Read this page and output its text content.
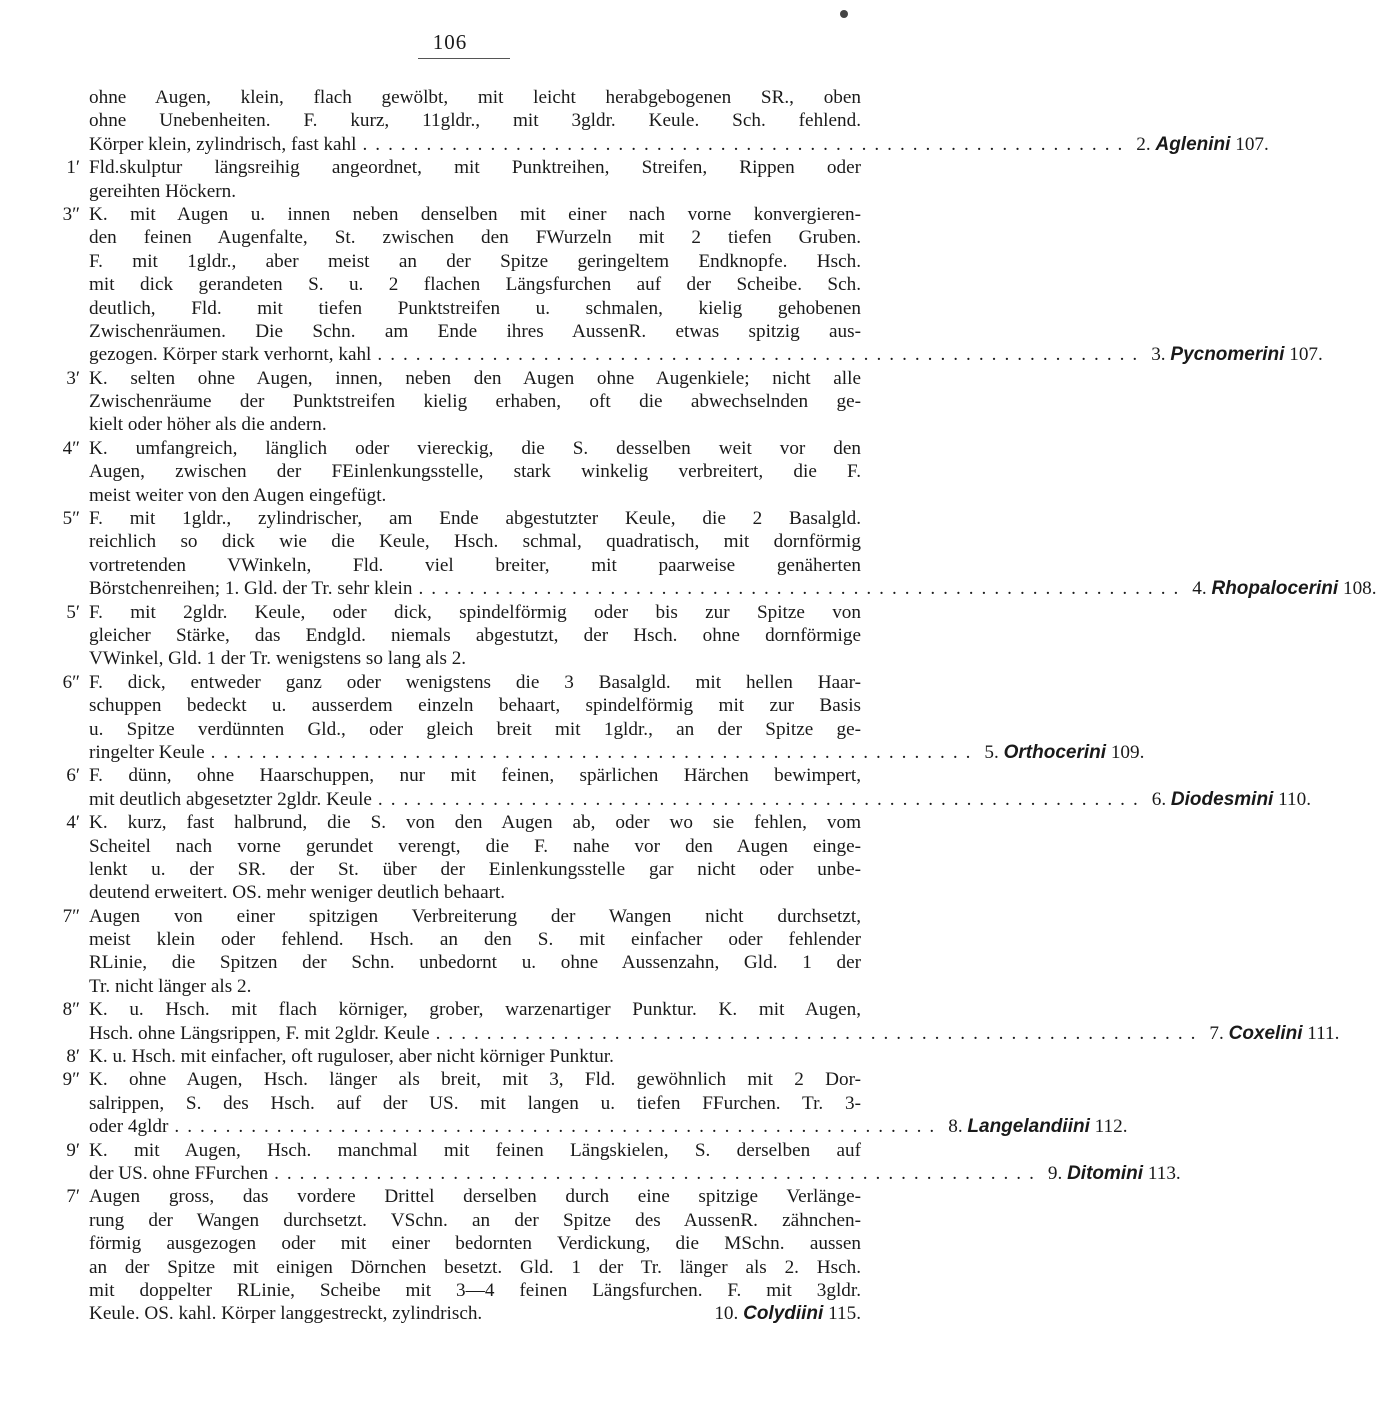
106
ohne Augen, klein, flach gewölbt, mit leicht herabgebogenen SR., oben
ohne Unebenheiten. F. kurz, 11gldr., mit 3gldr. Keule. Sch. fehlend.
Körper klein, zylindrisch, fast kahl ............................................................ 2. Aglenini 107.
1′ Fld.skulptur längsreihig angeordnet, mit Punktreihen, Streifen, Rippen oder
gereihten Höckern.
3″ K. mit Augen u. innen neben denselben mit einer nach vorne konvergieren-
den feinen Augenfalte, St. zwischen den FWurzeln mit 2 tiefen Gruben.
F. mit 1gldr., aber meist an der Spitze geringeltem Endknopfe. Hsch.
mit dick gerandeten S. u. 2 flachen Längsfurchen auf der Scheibe. Sch.
deutlich, Fld. mit tiefen Punktstreifen u. schmalen, kielig gehobenen
Zwischenräumen. Die Schn. am Ende ihres AussenR. etwas spitzig aus-
gezogen. Körper stark verhornt, kahl ............................................................ 3. Pycnomerini 107.
3′ K. selten ohne Augen, innen, neben den Augen ohne Augenkiele; nicht alle
Zwischenräume der Punktstreifen kielig erhaben, oft die abwechselnden ge-
kielt oder höher als die andern.
4″ K. umfangreich, länglich oder viereckig, die S. desselben weit vor den
Augen, zwischen der FEinlenkungsstelle, stark winkelig verbreitert, die F.
meist weiter von den Augen eingefügt.
5″ F. mit 1gldr., zylindrischer, am Ende abgestutzter Keule, die 2 Basalgld.
reichlich so dick wie die Keule, Hsch. schmal, quadratisch, mit dornförmig
vortretenden VWinkeln, Fld. viel breiter, mit paarweise genäherten
Börstchenreihen; 1. Gld. der Tr. sehr klein ............................................................ 4. Rhopalocerini 108.
5′ F. mit 2gldr. Keule, oder dick, spindelförmig oder bis zur Spitze von
gleicher Stärke, das Endgld. niemals abgestutzt, der Hsch. ohne dornförmige
VWinkel, Gld. 1 der Tr. wenigstens so lang als 2.
6″ F. dick, entweder ganz oder wenigstens die 3 Basalgld. mit hellen Haar-
schuppen bedeckt u. ausserdem einzeln behaart, spindelförmig mit zur Basis
u. Spitze verdünnten Gld., oder gleich breit mit 1gldr., an der Spitze ge-
ringelter Keule ............................................................ 5. Orthocerini 109.
6′ F. dünn, ohne Haarschuppen, nur mit feinen, spärlichen Härchen bewimpert,
mit deutlich abgesetzter 2gldr. Keule ............................................................ 6. Diodesmini 110.
4′ K. kurz, fast halbrund, die S. von den Augen ab, oder wo sie fehlen, vom
Scheitel nach vorne gerundet verengt, die F. nahe vor den Augen einge-
lenkt u. der SR. der St. über der Einlenkungsstelle gar nicht oder unbe-
deutend erweitert. OS. mehr weniger deutlich behaart.
7″ Augen von einer spitzigen Verbreiterung der Wangen nicht durchsetzt,
meist klein oder fehlend. Hsch. an den S. mit einfacher oder fehlender
RLinie, die Spitzen der Schn. unbedornt u. ohne Aussenzahn, Gld. 1 der
Tr. nicht länger als 2.
8″ K. u. Hsch. mit flach körniger, grober, warzenartiger Punktur. K. mit Augen,
Hsch. ohne Längsrippen, F. mit 2gldr. Keule ............................................................ 7. Coxelini 111.
8′ K. u. Hsch. mit einfacher, oft ruguloser, aber nicht körniger Punktur.
9″ K. ohne Augen, Hsch. länger als breit, mit 3, Fld. gewöhnlich mit 2 Dor-
salrippen, S. des Hsch. auf der US. mit langen u. tiefen FFurchen. Tr. 3-
oder 4gldr ............................................................ 8. Langelandiini 112.
9′ K. mit Augen, Hsch. manchmal mit feinen Längskielen, S. derselben auf
der US. ohne FFurchen ............................................................ 9. Ditomini 113.
7′ Augen gross, das vordere Drittel derselben durch eine spitzige Verlänge-
rung der Wangen durchsetzt. VSchn. an der Spitze des AussenR. zähnchen-
förmig ausgezogen oder mit einer bedornten Verdickung, die MSchn. aussen
an der Spitze mit einigen Dörnchen besetzt. Gld. 1 der Tr. länger als 2. Hsch.
mit doppelter RLinie, Scheibe mit 3—4 feinen Längsfurchen. F. mit 3gldr.
Keule. OS. kahl. Körper langgestreckt, zylindrisch.	10. Colydiini 115.
